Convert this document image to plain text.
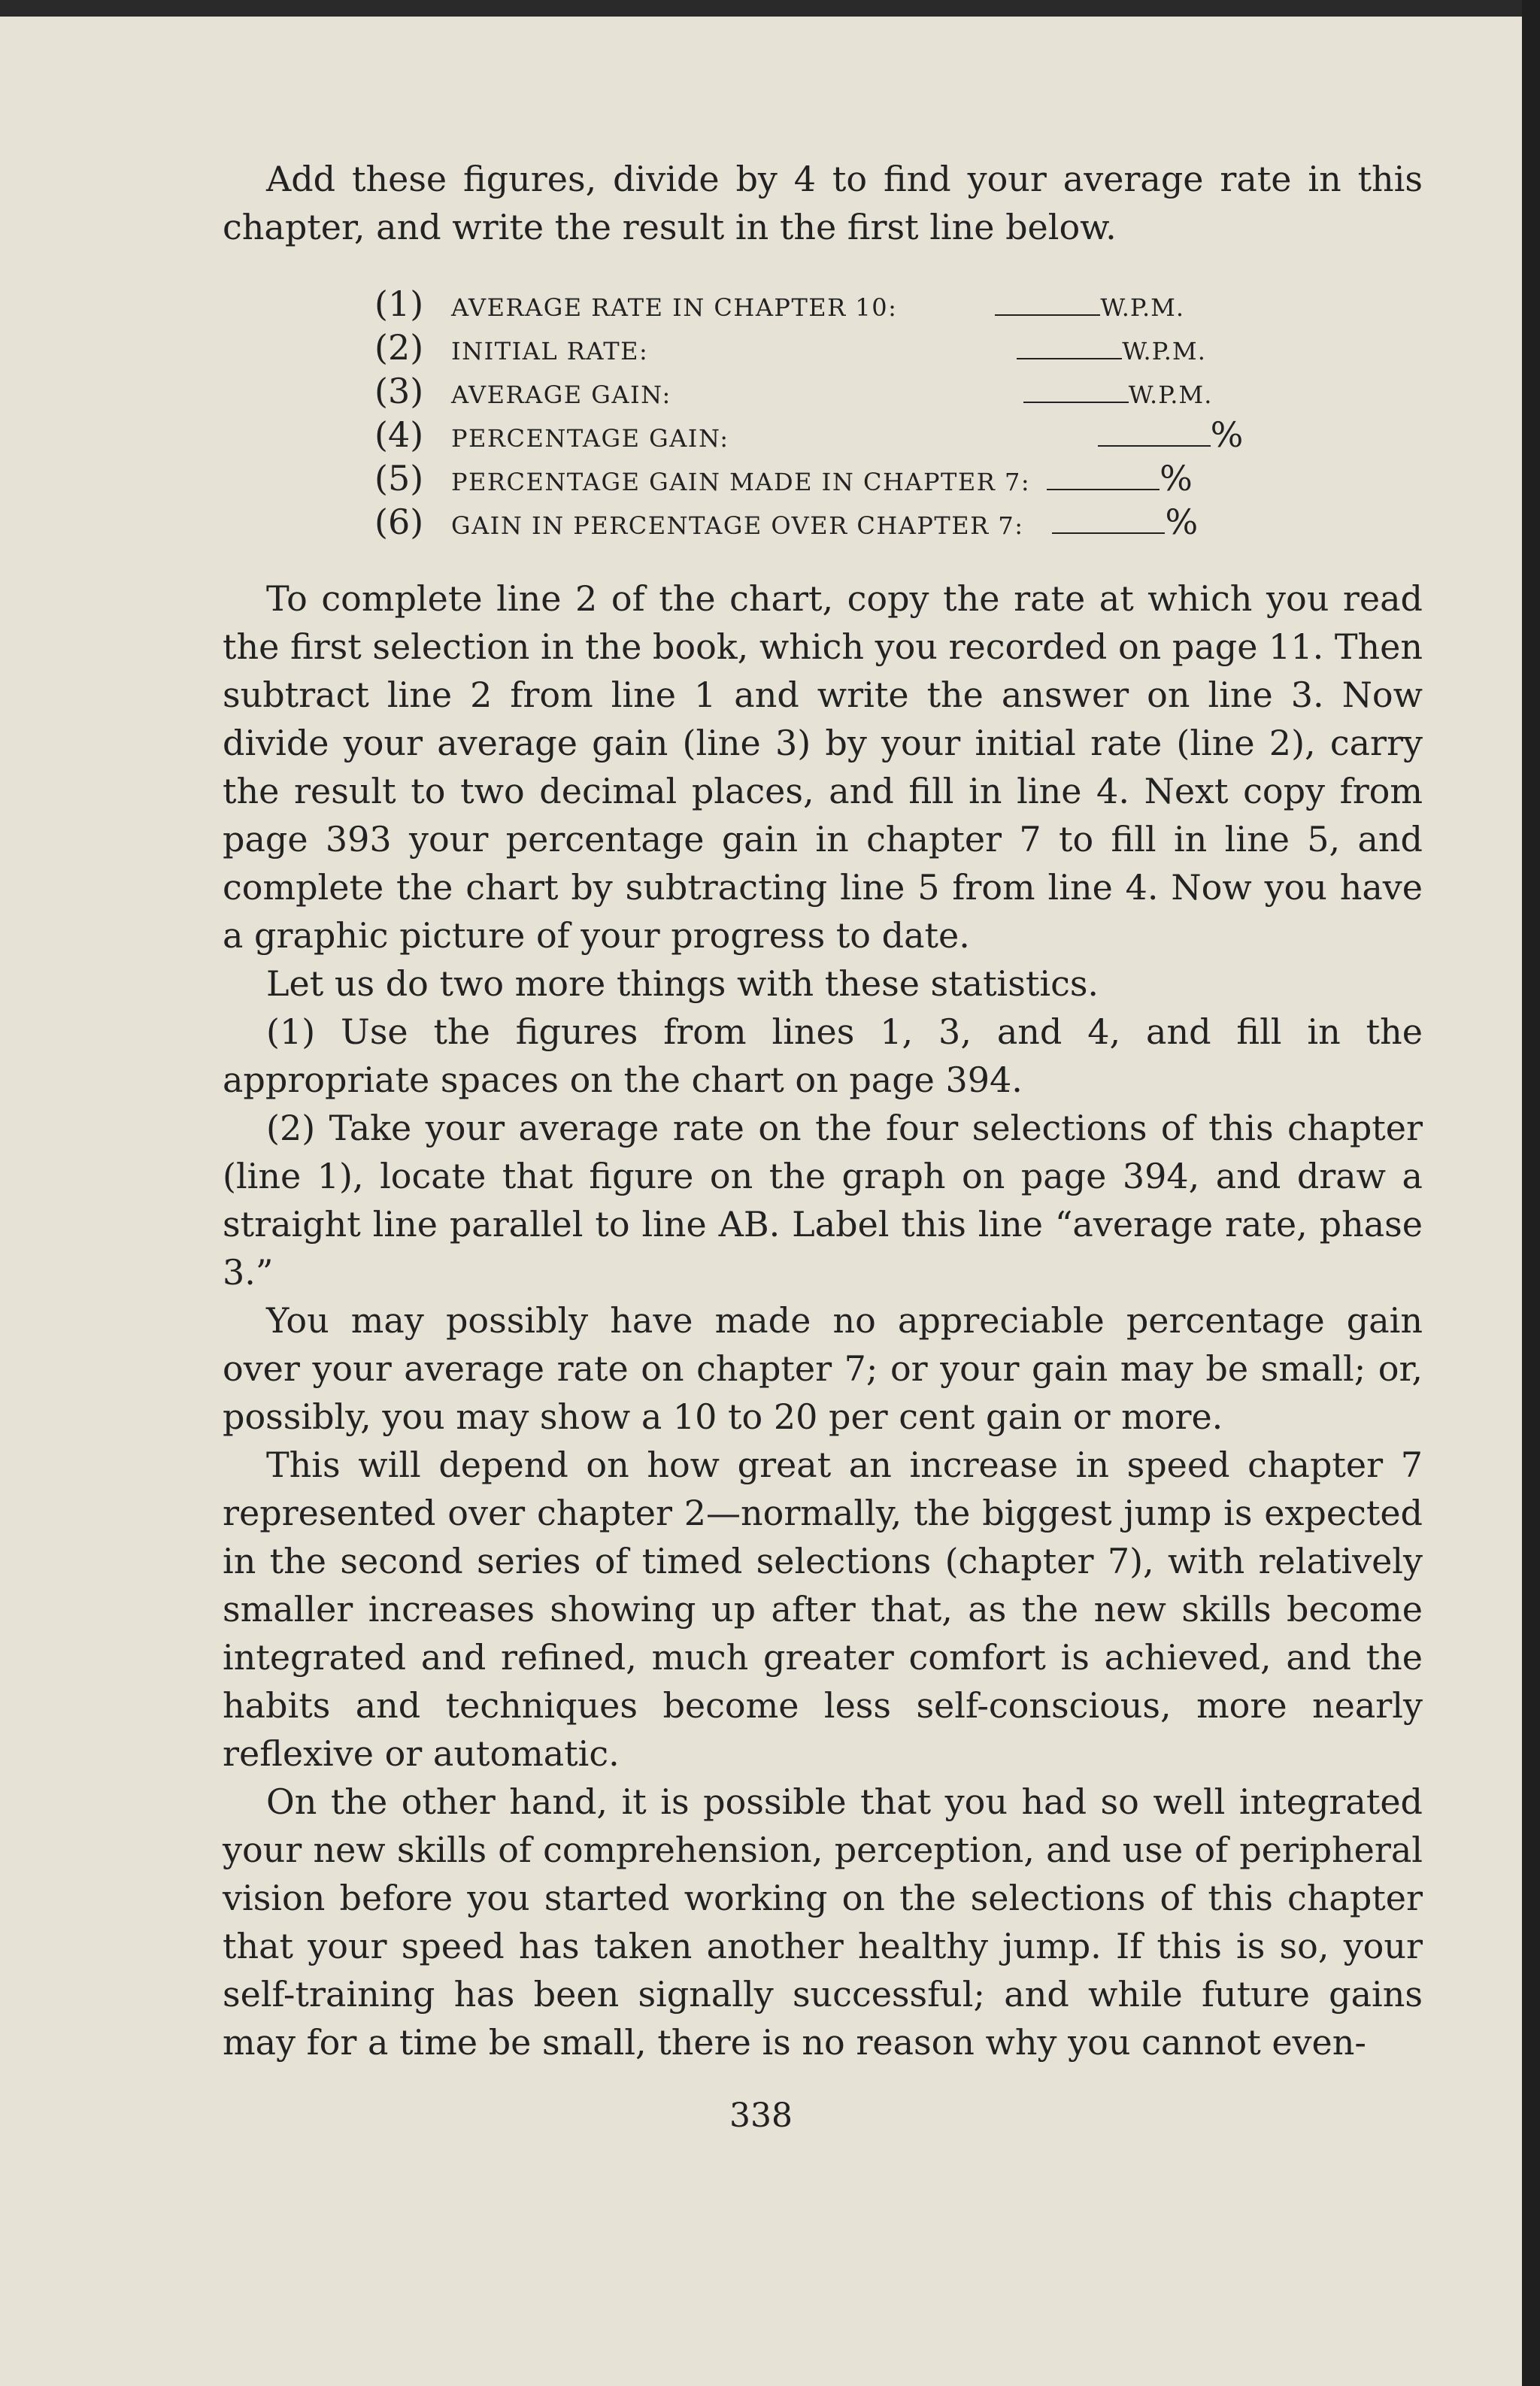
Add these figures, divide by 4 to find your average rate in this chapter, and write the result in the first line below.

(1)	AVERAGE RATE IN CHAPTER 10:	W.P.M.
(2)	INITIAL RATE:	W.P.M.
(3)	AVERAGE GAIN:	W.P.M.
(4)	PERCENTAGE GAIN:	%
(5)	PERCENTAGE GAIN MADE IN CHAPTER 7:	%
(6)	GAIN IN PERCENTAGE OVER CHAPTER 7:	%

To complete line 2 of the chart, copy the rate at which you read the first selection in the book, which you recorded on page 11. Then subtract line 2 from line 1 and write the answer on line 3. Now divide your average gain (line 3) by your initial rate (line 2), carry the result to two decimal places, and fill in line 4. Next copy from page 393 your percentage gain in chapter 7 to fill in line 5, and complete the chart by subtracting line 5 from line 4. Now you have a graphic picture of your progress to date.

Let us do two more things with these statistics.

(1) Use the figures from lines 1, 3, and 4, and fill in the appropriate spaces on the chart on page 394.

(2) Take your average rate on the four selections of this chapter (line 1), locate that figure on the graph on page 394, and draw a straight line parallel to line AB. Label this line “average rate, phase 3.”

You may possibly have made no appreciable percentage gain over your average rate on chapter 7; or your gain may be small; or, possibly, you may show a 10 to 20 per cent gain or more.

This will depend on how great an increase in speed chapter 7 represented over chapter 2—normally, the biggest jump is expected in the second series of timed selections (chapter 7), with relatively smaller increases showing up after that, as the new skills become integrated and refined, much greater comfort is achieved, and the habits and techniques become less self-conscious, more nearly reflexive or automatic.

On the other hand, it is possible that you had so well integrated your new skills of comprehension, perception, and use of peripheral vision before you started working on the selections of this chapter that your speed has taken another healthy jump. If this is so, your self-training has been signally successful; and while future gains may for a time be small, there is no reason why you cannot even-

338
